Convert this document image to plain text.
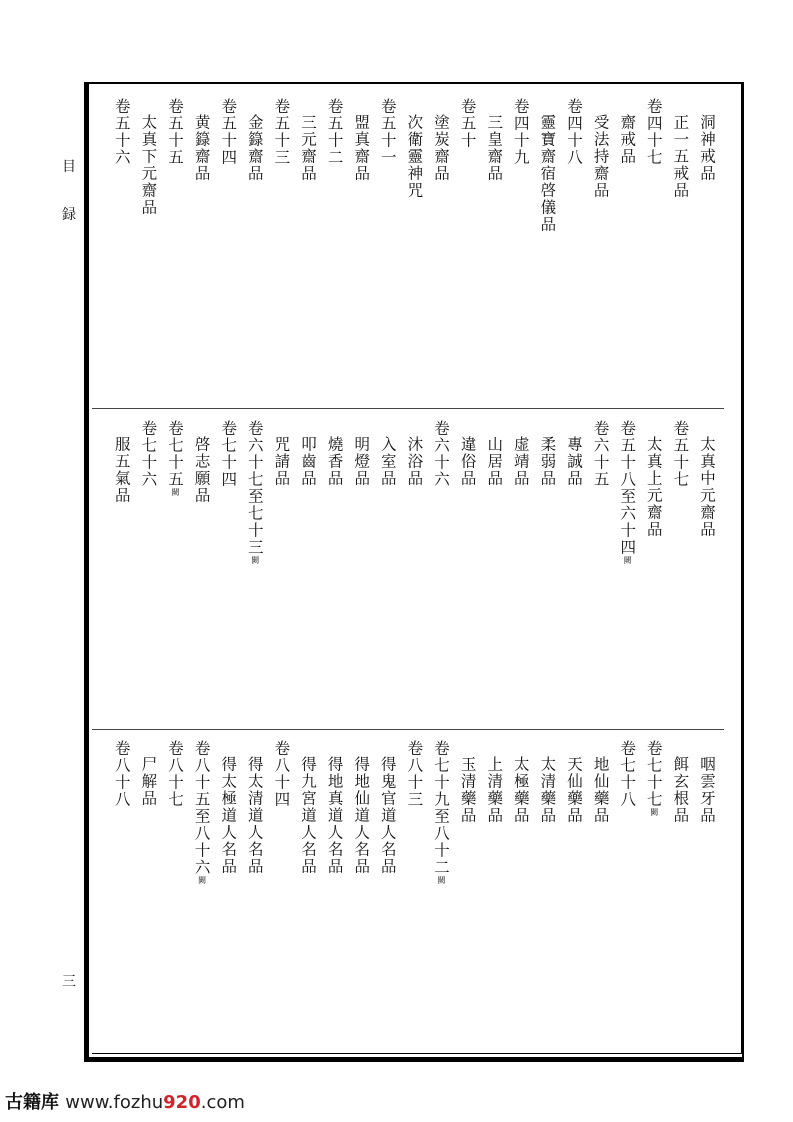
目
録
三
洞神戒品
正一五戒品
卷四十七
齋戒品
受法持齋品
卷四十八
靈寶齋宿啓儀品
卷四十九
三皇齋品
卷五十
塗炭齋品
次衛靈神咒
卷五十一
盟真齋品
卷五十二
三元齋品
卷五十三
金籙齋品
卷五十四
黄籙齋品
卷五十五
太真下元齋品
卷五十六
太真中元齋品
卷五十七
太真上元齋品
卷五十八至六十四闕
卷六十五
專誠品
柔弱品
虚靖品
山居品
違俗品
卷六十六
沐浴品
入室品
明燈品
燒香品
叩齒品
咒請品
卷六十七至七十三闕
卷七十四
啓志願品
卷七十五闕
卷七十六
服五氣品
咽雲牙品
餌玄根品
卷七十七闕
卷七十八
地仙藥品
天仙藥品
太清藥品
太極藥品
上清藥品
玉清藥品
卷七十九至八十二闕
卷八十三
得鬼官道人名品
得地仙道人名品
得地真道人名品
得九宮道人名品
卷八十四
得太清道人名品
得太極道人名品
卷八十五至八十六闕
卷八十七
尸解品
卷八十八
古籍库 www.fozhu920.com
